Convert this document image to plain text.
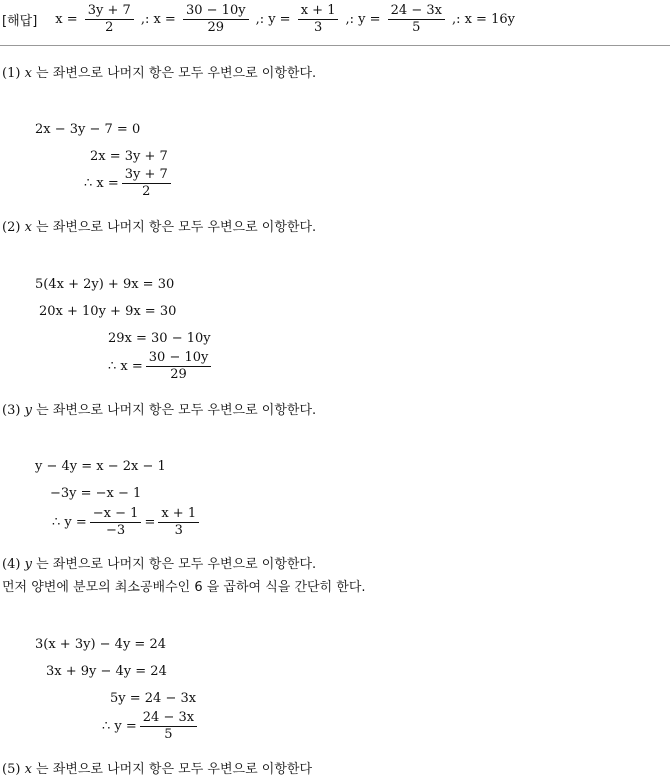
[해답] $x = \frac{3y + 7}{2}$ ,: $x = \frac{30 - 10y}{29}$ ,: $y = \frac{x + 1}{3}$ ,: $y = \frac{24 - 3x}{5}$ ,: x = 16y
(1) x 는 좌변으로 나머지 항은 모두 우변으로 이항한다.
2x − 3y − 7 = 0
2x = 3y + 7
∴ $x = \frac{3y + 7}{2}$
(2) x 는 좌변으로 나머지 항은 모두 우변으로 이항한다.
5(4x + 2y) + 9x = 30
20x + 10y + 9x = 30
29x = 30 − 10y
∴ $x = \frac{30 - 10y}{29}$
(3) y 는 좌변으로 나머지 항은 모두 우변으로 이항한다.
y − 4y = x − 2x − 1
−3y = −x − 1
∴ $y = \frac{-x - 1}{-3} = \frac{x + 1}{3}$
(4) y 는 좌변으로 나머지 항은 모두 우변으로 이항한다.
먼저 양변에 분모의 최소공배수인 6 을 곱하여 식을 간단히 한다.
3(x + 3y) − 4y = 24
3x + 9y − 4y = 24
5y = 24 − 3x
∴ $y = \frac{24 - 3x}{5}$
(5) x 는 좌변으로 나머지 항은 모두 우변으로 이항한다
